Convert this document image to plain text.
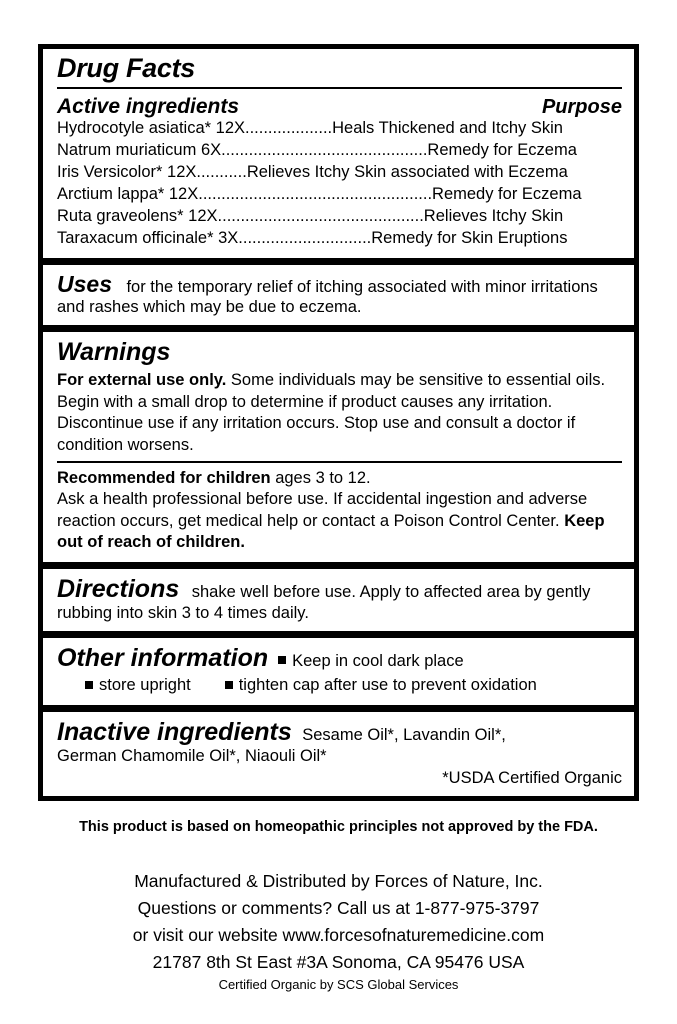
Drug Facts
Active ingredients	Purpose
Hydrocotyle asiatica* 12X...................Heals Thickened and Itchy Skin
Natrum muriaticum 6X.............................................Remedy for Eczema
Iris Versicolor* 12X...........Relieves Itchy Skin associated with Eczema
Arctium lappa* 12X...................................................Remedy for Eczema
Ruta graveolens* 12X.............................................Relieves Itchy Skin
Taraxacum officinale* 3X.............................Remedy for Skin Eruptions
Uses for the temporary relief of itching associated with minor irritations and rashes which may be due to eczema.
Warnings
For external use only. Some individuals may be sensitive to essential oils. Begin with a small drop to determine if product causes any irritation. Discontinue use if any irritation occurs. Stop use and consult a doctor if condition worsens.
Recommended for children ages 3 to 12.
Ask a health professional before use. If accidental ingestion and adverse reaction occurs, get medical help or contact a Poison Control Center. Keep out of reach of children.
Directions shake well before use. Apply to affected area by gently rubbing into skin 3 to 4 times daily.
Other information	Keep in cool dark place
store upright	tighten cap after use to prevent oxidation
Inactive ingredients Sesame Oil*, Lavandin Oil*,
German Chamomile Oil*, Niaouli Oil*
*USDA Certified Organic
This product is based on homeopathic principles not approved by the FDA.
Manufactured & Distributed by Forces of Nature, Inc.
Questions or comments? Call us at 1-877-975-3797
or visit our website www.forcesofnaturemedicine.com
21787 8th St East #3A Sonoma, CA 95476 USA
Certified Organic by SCS Global Services
